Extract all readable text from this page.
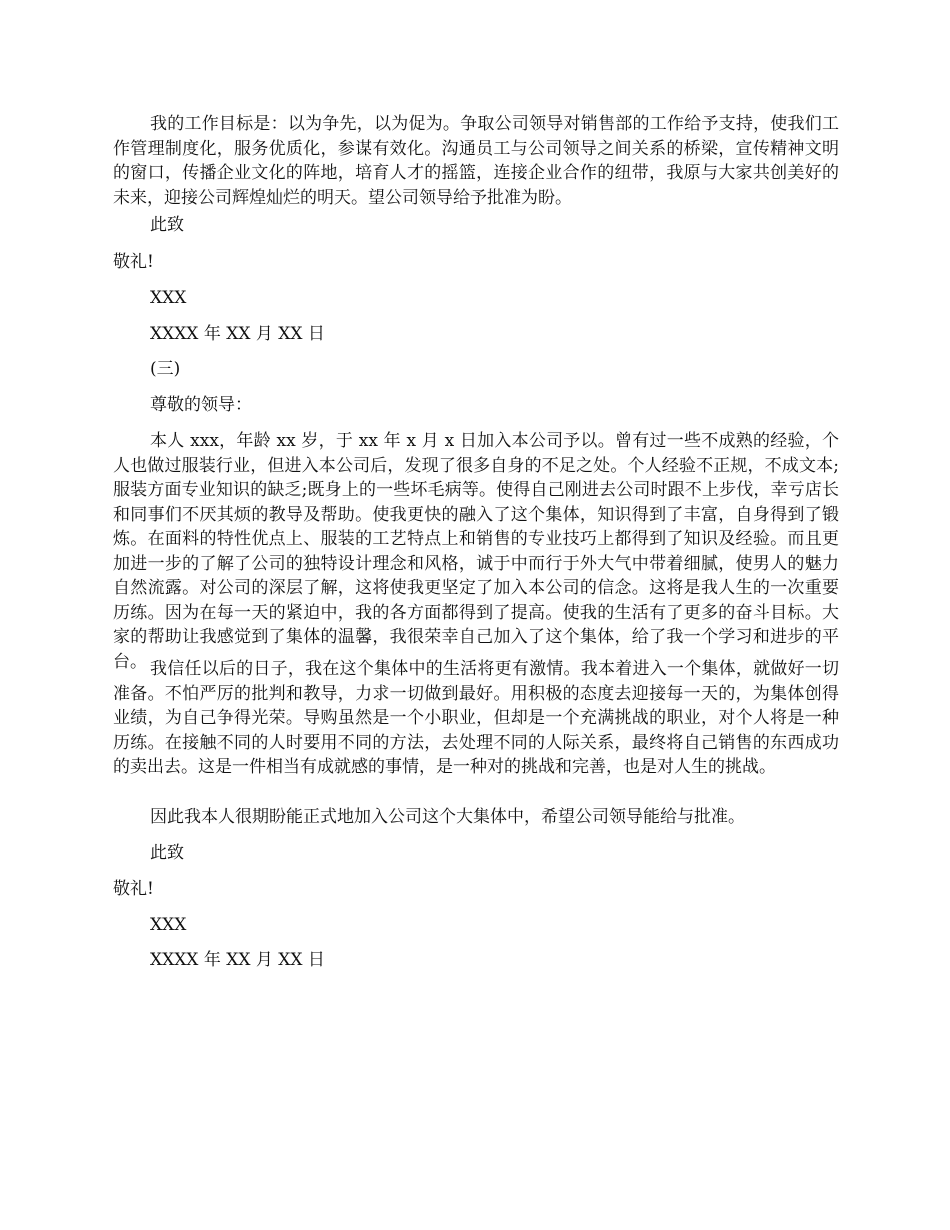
我的工作目标是：以为争先，以为促为。争取公司领导对销售部的工作给予支持，使我们工作管理制度化，服务优质化，参谋有效化。沟通员工与公司领导之间关系的桥梁，宣传精神文明的窗口，传播企业文化的阵地，培育人才的摇篮，连接企业合作的纽带，我原与大家共创美好的未来，迎接公司辉煌灿烂的明天。望公司领导给予批准为盼。

此致

敬礼!

XXX

XXXX 年 XX 月 XX 日

(三)

尊敬的领导：

本人 xxx，年龄 xx 岁，于 xx 年 x 月 x 日加入本公司予以。曾有过一些不成熟的经验，个人也做过服装行业，但进入本公司后，发现了很多自身的不足之处。个人经验不正规，不成文本;服装方面专业知识的缺乏;既身上的一些坏毛病等。使得自己刚进去公司时跟不上步伐，幸亏店长和同事们不厌其烦的教导及帮助。使我更快的融入了这个集体，知识得到了丰富，自身得到了锻炼。在面料的特性优点上、服装的工艺特点上和销售的专业技巧上都得到了知识及经验。而且更加进一步的了解了公司的独特设计理念和风格，诚于中而行于外大气中带着细腻，使男人的魅力自然流露。对公司的深层了解，这将使我更坚定了加入本公司的信念。这将是我人生的一次重要历练。因为在每一天的紧迫中，我的各方面都得到了提高。使我的生活有了更多的奋斗目标。大家的帮助让我感觉到了集体的温馨，我很荣幸自己加入了这个集体，给了我一个学习和进步的平台。 我信任以后的日子，我在这个集体中的生活将更有激情。我本着进入一个集体，就做好一切准备。不怕严厉的批判和教导，力求一切做到最好。用积极的态度去迎接每一天的，为集体创得业绩，为自己争得光荣。导购虽然是一个小职业，但却是一个充满挑战的职业，对个人将是一种历练。在接触不同的人时要用不同的方法，去处理不同的人际关系，最终将自己销售的东西成功的卖出去。这是一件相当有成就感的事情，是一种对的挑战和完善，也是对人生的挑战。

因此我本人很期盼能正式地加入公司这个大集体中，希望公司领导能给与批准。

此致

敬礼!

XXX

XXXX 年 XX 月 XX 日
